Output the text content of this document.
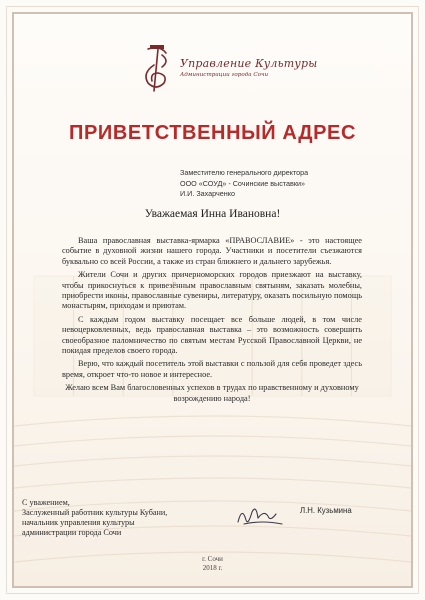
Управление Культуры
Администрации города Сочи
ПРИВЕТСТВЕННЫЙ АДРЕС
Заместителю генерального директора
ООО «СОУД» - Сочинские выставки»
И.И. Захарченко
Уважаемая Инна Ивановна!

Ваша православная выставка-ярмарка «ПРАВОСЛАВИЕ» - это настоящее событие в духовной жизни нашего города. Участники и посетители съезжаются буквально со всей России, а также из стран ближнего и дальнего зарубежья.

Жители Сочи и других причерноморских городов приезжают на выставку, чтобы прикоснуться к привезённым православным святыням, заказать молебны, приобрести иконы, православные сувениры, литературу, оказать посильную помощь монастырям, приходам и приютам.

С каждым годом выставку посещает все больше людей, в том числе невоцерковленных, ведь православная выставка – это возможность совершить своеобразное паломничество по святым местам Русской Православной Церкви, не покидая пределов своего города.

Верю, что каждый посетитель этой выставки с пользой для себя проведет здесь время, откроет что-то новое и интересное.

Желаю всем Вам благословенных успехов в трудах по нравственному и духовному возрождению народа!

С уважением,
Заслуженный работник культуры Кубани,
начальник управления культуры
администрации города Сочи
Л.Н. Кузьмина
г. Сочи
2018 г.
